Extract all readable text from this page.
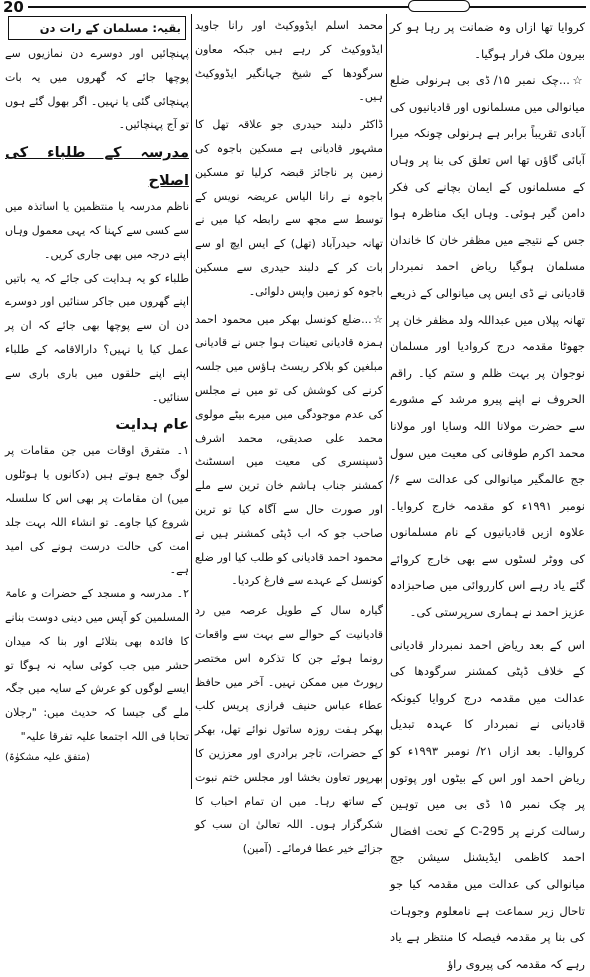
20

کروایا تھا ازاں وہ ضمانت پر رہا ہو کر بیرون ملک فرار ہوگیا۔

☆...چک نمبر ۱۵/ ڈی بی ہرنولی ضلع میانوالی میں مسلمانوں اور قادیانیوں کی آبادی تقریباً برابر ہے ہرنولی چونکہ میرا آبائی گاؤں تھا اس تعلق کی بنا پر وہاں کے مسلمانوں کے ایمان بچانے کی فکر دامن گیر ہوئی۔ وہاں ایک مناظرہ ہوا جس کے نتیجے میں مظفر خان کا خاندان مسلمان ہوگیا ریاض احمد نمبردار قادیانی نے ڈی ایس پی میانوالی کے ذریعے تھانہ پپلاں میں عبداللہ ولد مظفر خان پر جھوٹا مقدمہ درج کروادیا اور مسلمان نوجوان پر بہت ظلم و ستم کیا۔ راقم الحروف نے اپنے پیرو مرشد کے مشورے سے حضرت مولانا اللہ وسایا اور مولانا محمد اکرم طوفانی کی معیت میں سول جج عالمگیر میانوالی کی عدالت سے ۶/ نومبر ۱۹۹۱ء کو مقدمہ خارج کروایا۔ علاوہ ازیں قادیانیوں کے نام مسلمانوں کی ووٹر لسٹوں سے بھی خارج کروائے گئے یاد رہے اس کارروائی میں صاحبزادہ عزیز احمد نے ہماری سرپرستی کی۔

اس کے بعد ریاض احمد نمبردار قادیانی کے خلاف ڈپٹی کمشنر سرگودھا کی عدالت میں مقدمہ درج کروایا کیونکہ قادیانی نے نمبردار کا عہدہ تبدیل کروالیا۔ بعد ازاں ۲۱/ نومبر ۱۹۹۳ء کو ریاض احمد اور اس کے بیٹوں اور پوتوں پر چک نمبر ۱۵ ڈی بی میں توہین رسالت کرنے پر C-295 کے تحت افضال احمد کاظمی ایڈیشنل سیشن جج میانوالی کی عدالت میں مقدمہ کیا جو تاحال زیر سماعت ہے نامعلوم وجوہات کی بنا پر مقدمہ فیصلہ کا منتظر ہے یاد رہے کہ مقدمہ کی پیروی راؤ

محمد اسلم ایڈووکیٹ اور رانا جاوید ایڈووکیٹ کر رہے ہیں جبکہ معاون سرگودھا کے شیخ جہانگیر ایڈووکیٹ ہیں۔

ڈاکٹر دلبند حیدری جو علاقہ تھل کا مشہور قادیانی ہے مسکین باجوہ کی زمین پر ناجائز قبضہ کرلیا تو مسکین باجوہ نے رانا الیاس عریضہ نویس کے توسط سے مجھ سے رابطہ کیا میں نے تھانہ حیدرآباد (تھل) کے ایس ایچ او سے بات کر کے دلبند حیدری سے مسکین باجوہ کو زمین واپس دلوائی۔

☆...ضلع کونسل بھکر میں محمود احمد ہمزہ قادیانی تعینات ہوا جس نے قادیانی مبلغین کو بلاکر ریسٹ ہاؤس میں جلسہ کرنے کی کوشش کی تو میں نے مجلس کی عدم موجودگی میں میرے بیٹے مولوی محمد علی صدیقی، محمد اشرف ڈسپنسری کی معیت میں اسسٹنٹ کمشنر جناب ہاشم خان ترین سے ملے اور صورت حال سے آگاہ کیا تو ترین صاحب جو کہ اب ڈپٹی کمشنر ہیں نے محمود احمد قادیانی کو طلب کیا اور ضلع کونسل کے عہدے سے فارغ کردیا۔

گیارہ سال کے طویل عرصہ میں رد قادیانیت کے حوالے سے بہت سے واقعات رونما ہوئے جن کا تذکرہ اس مختصر رپورٹ میں ممکن نہیں۔ آخر میں حافظ عطاء عباس حنیف فرازی پریس کلب بھکر ہفت روزہ ساتول نوائے تھل، بھکر کے حضرات، تاجر برادری اور معززین کا بھرپور تعاون بخشا اور مجلس ختم نبوت کے ساتھ رہا۔ میں ان تمام احباب کا شکرگزار ہوں۔ اللہ تعالیٰ ان سب کو جزائے خیر عطا فرمائے۔ (آمین)

بقیہ: مسلمان کے رات دن

پہنچائیں اور دوسرے دن نمازیوں سے پوچھا جائے کہ گھروں میں یہ بات پہنچائی گئی یا نہیں۔ اگر بھول گئے ہوں تو آج پہنچائیں۔

مدرسہ کے طلباء کی اصلاح

ناظم مدرسہ یا منتظمین یا اساتذہ میں سے کسی سے کہنا کہ یہی معمول وہاں اپنے درجہ میں بھی جاری کریں۔

طلباء کو یہ ہدایت کی جائے کہ یہ باتیں اپنے گھروں میں جاکر سنائیں اور دوسرے دن ان سے پوچھا بھی جائے کہ ان پر عمل کیا یا نہیں؟ دارالاقامہ کے طلباء اپنے اپنے حلقوں میں باری باری سے سنائیں۔

عام ہدایت

۱۔ متفرق اوقات میں جن مقامات پر لوگ جمع ہوتے ہیں (دکانوں یا ہوٹلوں میں) ان مقامات پر بھی اس کا سلسلہ شروع کیا جاوے۔ تو انشاء اللہ بہت جلد امت کی حالت درست ہونے کی امید ہے۔

۲۔ مدرسہ و مسجد کے حضرات و عامۃ المسلمین کو آپس میں دینی دوست بنانے کا فائدہ بھی بتلائے اور بنا کہ میدان حشر میں جب کوئی سایہ نہ ہوگا تو ایسے لوگوں کو عرش کے سایہ میں جگہ ملے گی جیسا کہ حدیث میں: "رجلان تحابا فی اللہ اجتمعا علیہ تفرقا علیہ"

(متفق علیہ مشکوٰۃ)
